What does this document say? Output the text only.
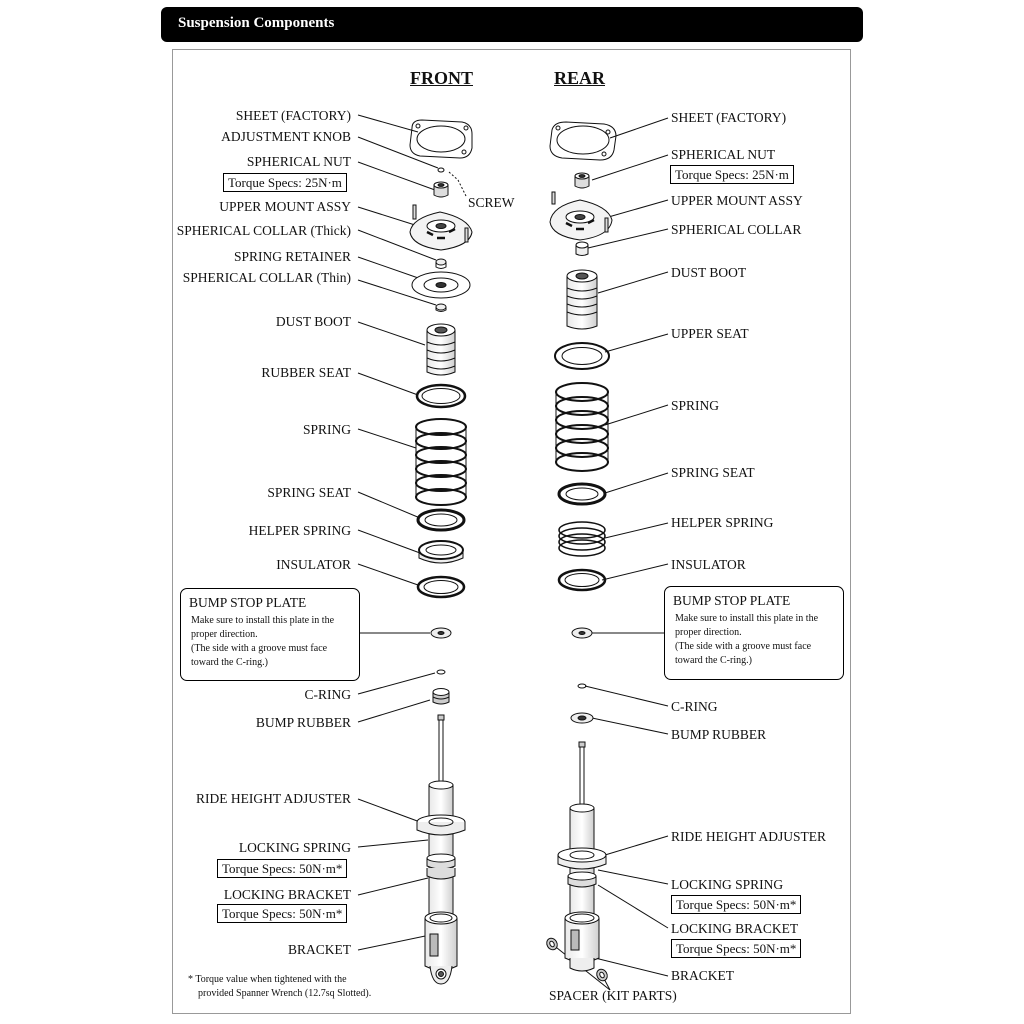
Suspension Components
FRONT	REAR
SHEET (FACTORY)
ADJUSTMENT KNOB
SPHERICAL NUT
Torque Specs: 25N·m
SCREW
UPPER MOUNT ASSY
SPHERICAL COLLAR (Thick)
SPRING RETAINER
SPHERICAL COLLAR (Thin)
DUST BOOT
RUBBER SEAT
SPRING
SPRING SEAT
HELPER SPRING
INSULATOR
BUMP STOP PLATE
Make sure to install this plate in the
proper direction.
(The side with a groove must face
toward the C-ring.)
C-RING
BUMP RUBBER
RIDE HEIGHT ADJUSTER
LOCKING SPRING
Torque Specs: 50N·m*
LOCKING BRACKET
Torque Specs: 50N·m*
BRACKET
SHEET (FACTORY)
SPHERICAL NUT
Torque Specs: 25N·m
UPPER MOUNT ASSY
SPHERICAL COLLAR
DUST BOOT
UPPER SEAT
SPRING
SPRING SEAT
HELPER SPRING
INSULATOR
BUMP STOP PLATE
Make sure to install this plate in the
proper direction.
(The side with a groove must face
toward the C-ring.)
C-RING
BUMP RUBBER
RIDE HEIGHT ADJUSTER
LOCKING SPRING
Torque Specs: 50N·m*
LOCKING BRACKET
Torque Specs: 50N·m*
BRACKET
SPACER (KIT PARTS)
* Torque value when tightened with the
provided Spanner Wrench (12.7sq Slotted).
